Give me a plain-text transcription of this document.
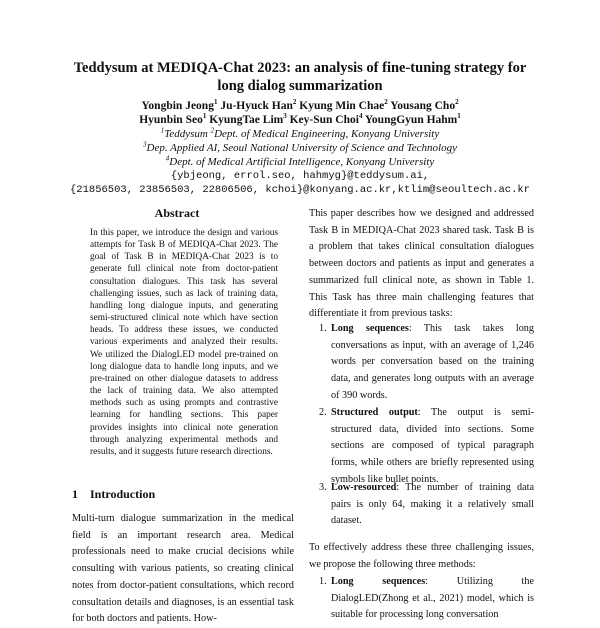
Teddysum at MEDIQA-Chat 2023: an analysis of fine-tuning strategy for
long dialog summarization
Yongbin Jeong$^1$ Ju-Hyuck Han$^2$ Kyung Min Chae$^2$ Yousang Cho$^2$
Hyunbin Seo$^1$ KyungTae Lim$^3$ Key-Sun Choi$^4$ YoungGyun Hahm$^1$
$^1$Teddysum $^2$Dept. of Medical Engineering, Konyang University
$^3$Dep. Applied AI, Seoul National University of Science and Technology
$^4$Dept. of Medical Artificial Intelligence, Konyang University
{ybjeong, errol.seo, hahmyg}@teddysum.ai,
{21856503, 23856503, 22806506, kchoi}@konyang.ac.kr,ktlim@seoultech.ac.kr
Abstract
In this paper, we introduce the design and various attempts for Task B of MEDIQA-Chat 2023. The goal of Task B in MEDIQA-Chat 2023 is to generate full clinical note from doctor-patient consultation dialogues. This task has several challenging issues, such as lack of training data, handling long dialogue inputs, and generating semi-structured clinical note which have section heads. To address these issues, we conducted various experiments and analyzed their results. We utilized the DialogLED model pre-trained on long dialogue data to handle long inputs, and we pre-trained on other dialogue datasets to address the lack of training data. We also attempted methods such as using prompts and contrastive learning for handling sections. This paper provides insights into clinical note generation through analyzing experimental methods and results, and it suggests future research directions.
1 Introduction
Multi-turn dialogue summarization in the medical field is an important research area. Medical professionals need to make crucial decisions while consulting with various patients, so creating clinical notes from doctor-patient consultations, which record consultation details and diagnoses, is an essential task for both doctors and patients. How-
This paper describes how we designed and addressed Task B in MEDIQA-Chat 2023 shared task. Task B is a problem that takes clinical consultation dialogues between doctors and patients as input and generates a summarized full clinical note, as shown in Table 1. This Task has three main challenging features that differentiate it from previous tasks:
1. Long sequences: This task takes long conversations as input, with an average of 1,246 words per conversation based on the training data, and generates long outputs with an average of 390 words.
2. Structured output: The output is semi-structured data, divided into sections. Some sections are composed of typical paragraph forms, while others are briefly represented using symbols like bullet points.
3. Low-resourced: The number of training data pairs is only 64, making it a relatively small dataset.
To effectively address these three challenging issues, we propose the following three methods:
1. Long sequences: Utilizing the DialogLED(Zhong et al., 2021) model, which is suitable for processing long conversation
